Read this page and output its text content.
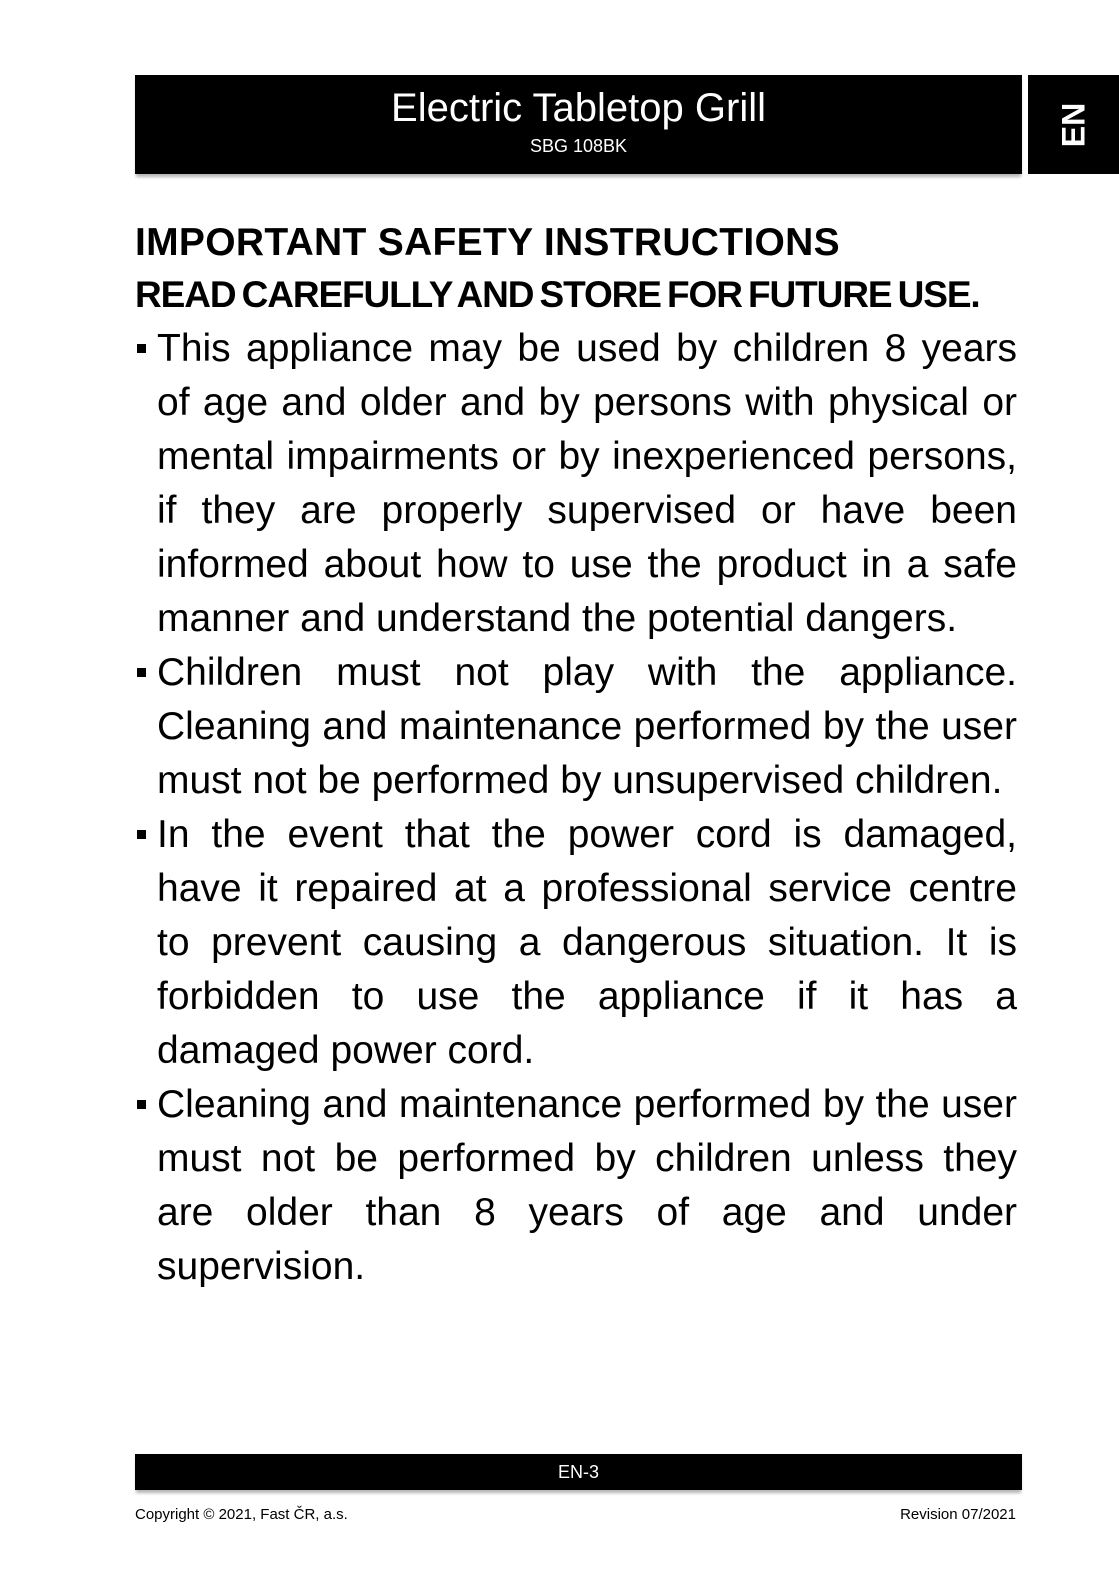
Electric Tabletop Grill
SBG 108BK	EN
IMPORTANT SAFETY INSTRUCTIONS
READ CAREFULLY AND STORE FOR FUTURE USE.
This appliance may be used by children 8 years of age and older and by persons with physical or mental impairments or by inexperienced persons, if they are properly supervised or have been informed about how to use the product in a safe manner and understand the potential dangers.
Children must not play with the appliance. Cleaning and maintenance performed by the user must not be performed by unsupervised children.
In the event that the power cord is damaged, have it repaired at a professional service centre to prevent causing a dangerous situation. It is forbidden to use the appliance if it has a damaged power cord.
Cleaning and maintenance performed by the user must not be performed by children unless they are older than 8 years of age and under supervision.
EN-3
Copyright © 2021, Fast ČR, a.s.	Revision 07/2021
